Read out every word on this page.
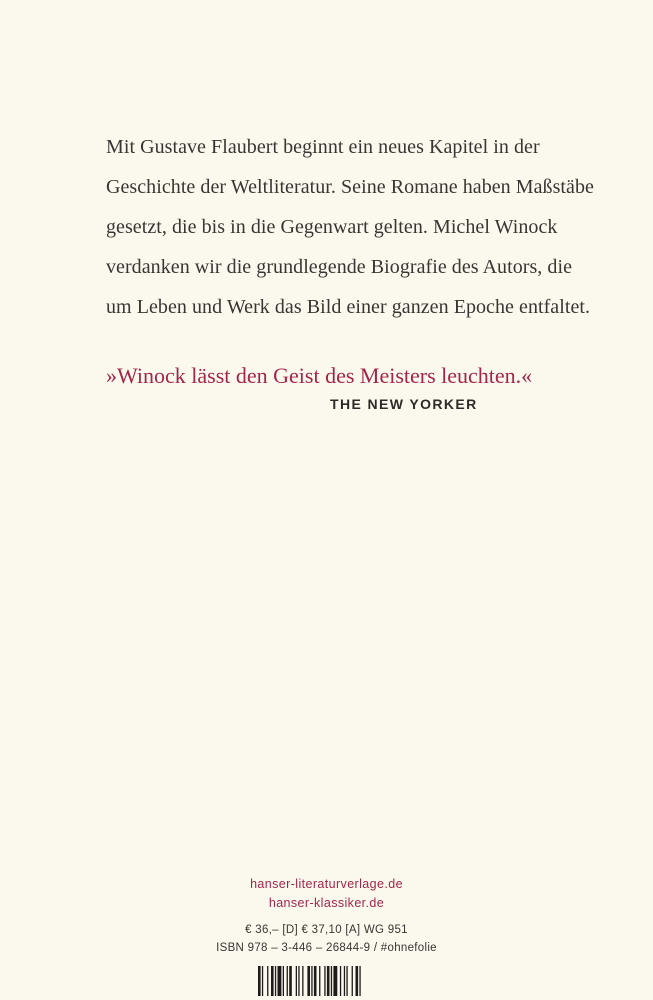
Mit Gustave Flaubert beginnt ein neues Kapitel in der
Geschichte der Weltliteratur. Seine Romane haben Maßstäbe
gesetzt, die bis in die Gegenwart gelten. Michel Winock
verdanken wir die grundlegende Biografie des Autors, die
um Leben und Werk das Bild einer ganzen Epoche entfaltet.

»Winock lässt den Geist des Meisters leuchten.«

THE NEW YORKER

hanser-literaturverlage.de
hanser-klassiker.de
€ 36,– [D] € 37,10 [A] WG 951
ISBN 978 – 3-446 – 26844-9 / #ohnefolie
